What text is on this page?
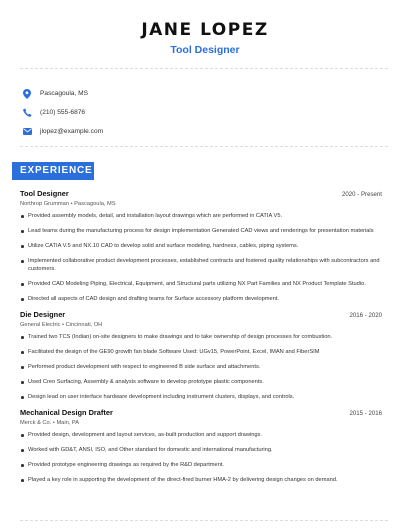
JANE LOPEZ
Tool Designer
Pascagoula, MS
(210) 555-6876
jlopez@example.com
EXPERIENCE
Tool Designer	2020 - Present
Northrop Grumman • Pascagoula, MS
Provided assembly models, detail, and installation layout drawings which are performed in CATIA V5.
Lead teams during the manufacturing process for design implementation Generated CAD views and renderings for presentation materials
Utilize CATIA V.5 and NX.10 CAD to develop solid and surface modeling, hardness, cables, piping systems.
Implemented collaborative product development processes, established contracts and fostered quality relationships with subcontractors and customers.
Provided CAD Modeling Piping, Electrical, Equipment, and Structural parts utilizing NX Part Families and NX Product Template Studio.
Directed all aspects of CAD design and drafting teams for Surface accessory platform development.
Die Designer	2016 - 2020
General Electric • Cincinnati, OH
Trained two TCS (Indian) on-site designers to make drawings and to take ownership of design processes for combustion.
Facilitated the design of the GE90 growth fan blade Software Used: UGv15, PowerPoint, Excel, IMAN and FiberSIM
Performed product development with respect to engineered B side surface and attachments.
Used Creo Surfacing, Assembly & analysis software to develop prototype plastic components.
Design lead on user interface hardware development including instrument clusters, displays, and controls.
Mechanical Design Drafter	2015 - 2016
Merck & Co. • Main, PA
Provided design, development and layout services, as-built production and support drawings.
Worked with GD&T, ANSI, ISO, and Other standard for domestic and international manufacturing.
Provided prototype engineering drawings as required by the R&D department.
Played a key role in supporting the development of the direct-fired burner HMA-2 by delivering design changes on demand.
